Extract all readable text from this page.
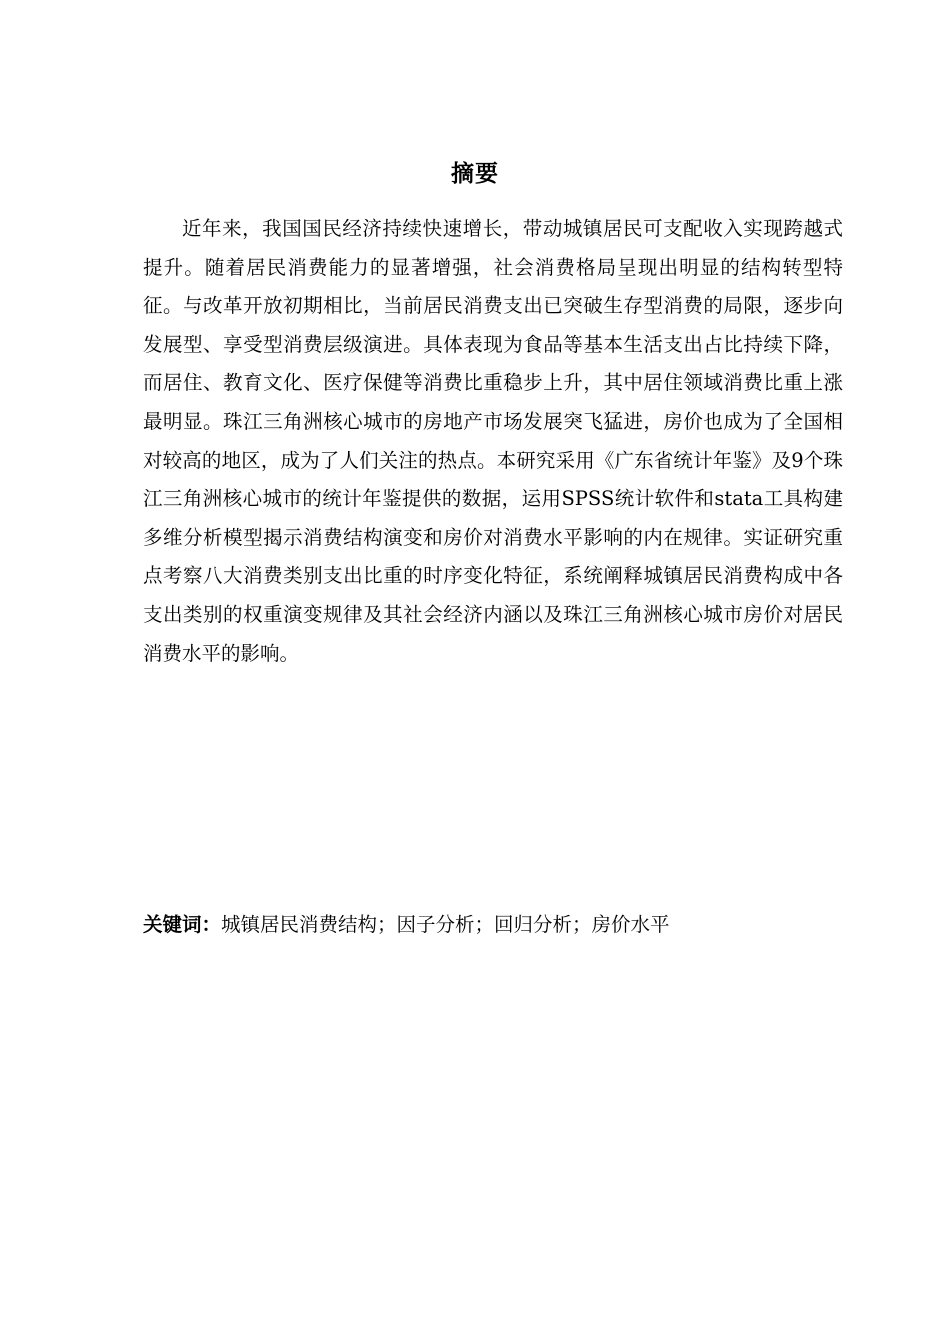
摘要

近年来，我国国民经济持续快速增长，带动城镇居民可支配收入实现跨越式提升。随着居民消费能力的显著增强，社会消费格局呈现出明显的结构转型特征。与改革开放初期相比，当前居民消费支出已突破生存型消费的局限，逐步向发展型、享受型消费层级演进。具体表现为食品等基本生活支出占比持续下降，而居住、教育文化、医疗保健等消费比重稳步上升，其中居住领域消费比重上涨最明显。珠江三角洲核心城市的房地产市场发展突飞猛进，房价也成为了全国相对较高的地区，成为了人们关注的热点。本研究采用《广东省统计年鉴》及9个珠江三角洲核心城市的统计年鉴提供的数据，运用SPSS统计软件和stata工具构建多维分析模型揭示消费结构演变和房价对消费水平影响的内在规律。实证研究重点考察八大消费类别支出比重的时序变化特征，系统阐释城镇居民消费构成中各支出类别的权重演变规律及其社会经济内涵以及珠江三角洲核心城市房价对居民消费水平的影响。

关键词：城镇居民消费结构；因子分析；回归分析；房价水平
